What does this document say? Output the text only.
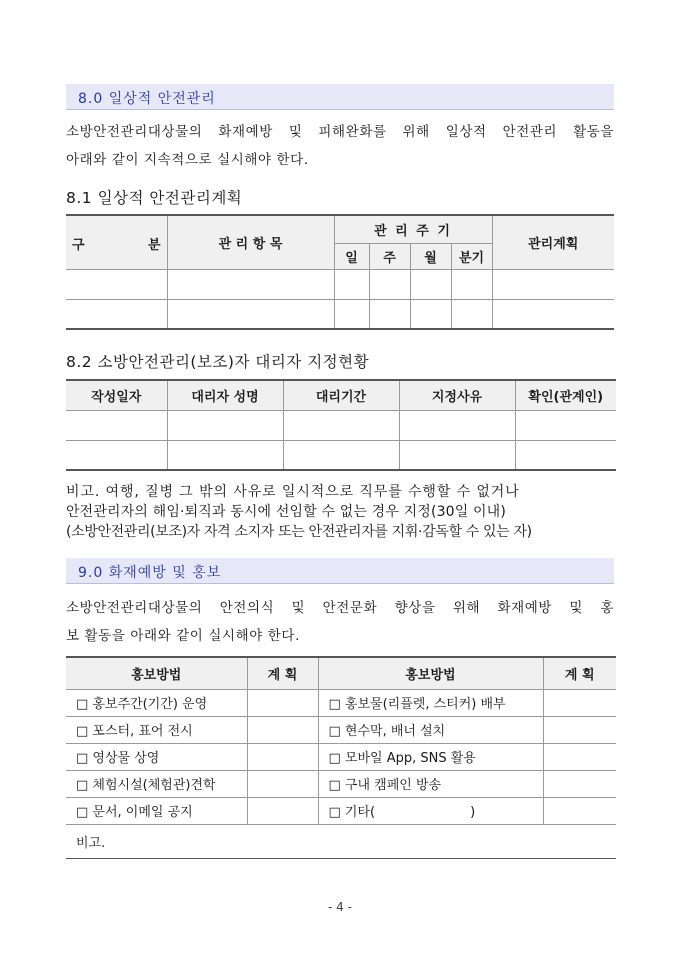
8.0 일상적 안전관리
소방안전관리대상물의 화재예방 및 피해완화를 위해 일상적 안전관리 활동을
아래와 같이 지속적으로 실시해야 한다.
8.1 일상적 안전관리계획
구 분	관 리 항 목	관 리 주 기				관리계획
		일	주	월	분기	

8.2 소방안전관리(보조)자 대리자 지정현황
작성일자	대리자 성명	대리기간	지정사유	확인(관계인)

비고. 여행, 질병 그 밖의 사유로 일시적으로 직무를 수행할 수 없거나
안전관리자의 해임·퇴직과 동시에 선임할 수 없는 경우 지정(30일 이내)
(소방안전관리(보조)자 자격 소지자 또는 안전관리자를 지휘·감독할 수 있는 자)
9.0 화재예방 및 홍보
소방안전관리대상물의 안전의식 및 안전문화 향상을 위해 화재예방 및 홍
보 활동을 아래와 같이 실시해야 한다.
홍보방법	계 획	홍보방법	계 획
□ 홍보주간(기간) 운영		□ 홍보물(리플렛, 스티커) 배부	
□ 포스터, 표어 전시		□ 현수막, 배너 설치	
□ 영상물 상영		□ 모바일 App, SNS 활용	
□ 체험시설(체험관)견학		□ 구내 캠페인 방송	
□ 문서, 이메일 공지		□ 기타(                       )	
비고.			
- 4 -
